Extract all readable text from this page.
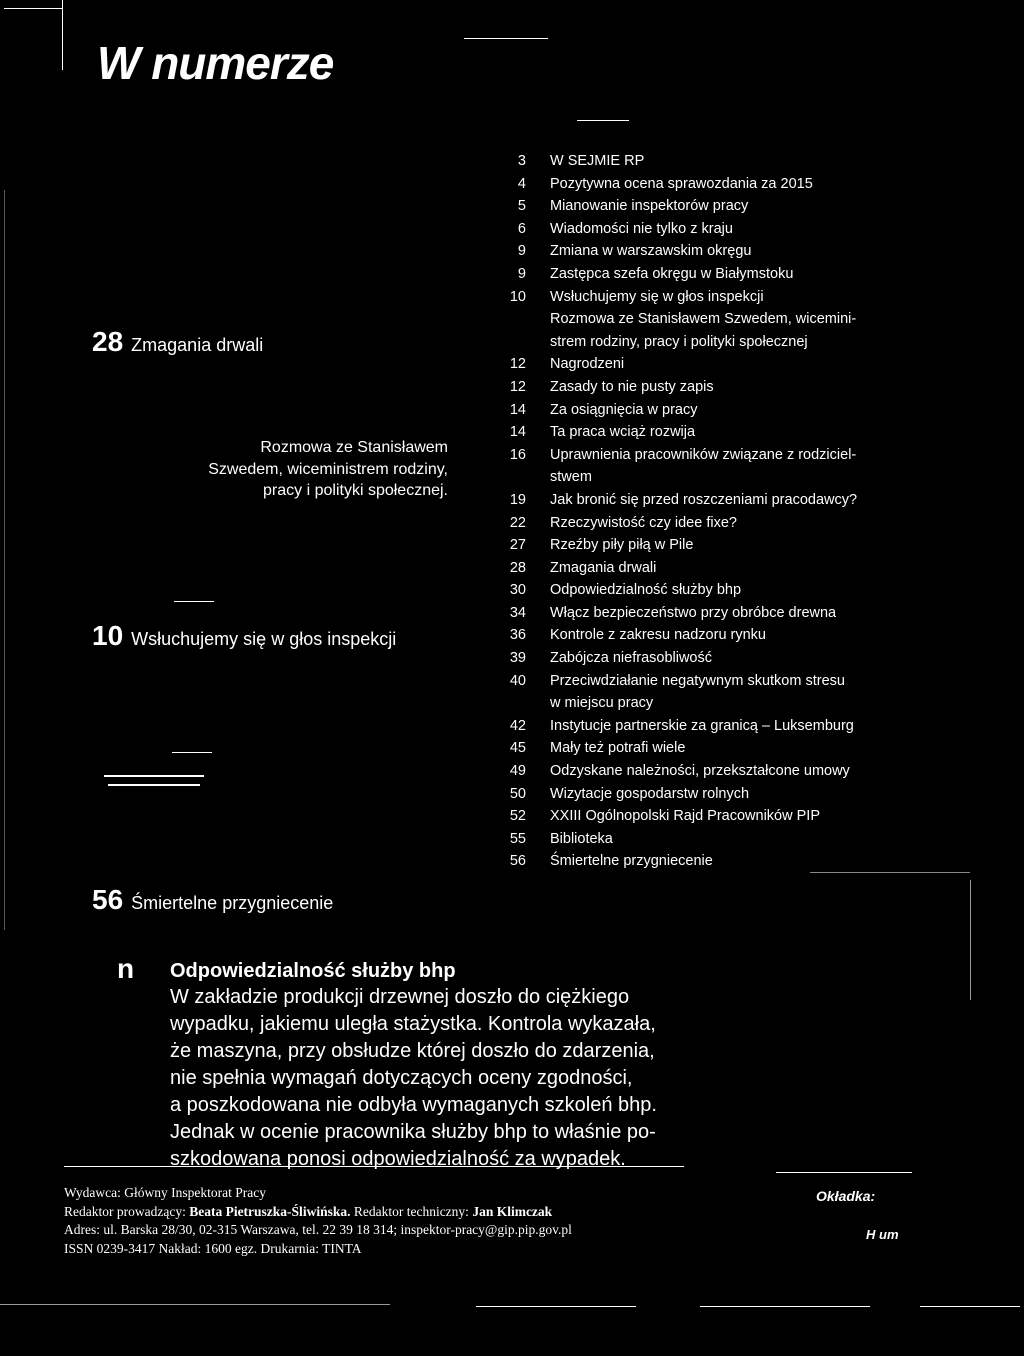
W numerze
28 Zmagania drwali
Rozmowa ze Stanisławem Szwedem, wiceministrem rodziny, pracy i polityki społecznej.
10 Wsłuchujemy się w głos inspekcji
56 Śmiertelne przygniecenie
3	W SEJMIE RP
4	Pozytywna ocena sprawozdania za 2015
5	Mianowanie inspektorów pracy
6	Wiadomości nie tylko z kraju
9	Zmiana w warszawskim okręgu
9	Zastępca szefa okręgu w Białymstoku
10	Wsłuchujemy się w głos inspekcji
Rozmowa ze Stanisławem Szwedem, wicemini-
strem rodziny, pracy i polityki społecznej
12	Nagrodzeni
12	Zasady to nie pusty zapis
14	Za osiągnięcia w pracy
14	Ta praca wciąż rozwija
16	Uprawnienia pracowników związane z rodziciel-
stwem
19	Jak bronić się przed roszczeniami pracodawcy?
22	Rzeczywistość czy idee fixe?
27	Rzeźby piły piłą w Pile
28	Zmagania drwali
30	Odpowiedzialność służby bhp
34	Włącz bezpieczeństwo przy obróbce drewna
36	Kontrole z zakresu nadzoru rynku
39	Zabójcza niefrasobliwość
40	Przeciwdziałanie negatywnym skutkom stresu
w miejscu pracy
42	Instytucje partnerskie za granicą – Luksemburg
45	Mały też potrafi wiele
49	Odzyskane należności, przekształcone umowy
50	Wizytacje gospodarstw rolnych
52	XXIII Ogólnopolski Rajd Pracowników PIP
55	Biblioteka
56	Śmiertelne przygniecenie
n	Odpowiedzialność służby bhp
W zakładzie produkcji drzewnej doszło do ciężkiego
wypadku, jakiemu uległa stażystka. Kontrola wykazała,
że maszyna, przy obsłudze której doszło do zdarzenia,
nie spełnia wymagań dotyczących oceny zgodności,
a poszkodowana nie odbyła wymaganych szkoleń bhp.
Jednak w ocenie pracownika służby bhp to właśnie po-
szkodowana ponosi odpowiedzialność za wypadek.
Wydawca: Główny Inspektorat Pracy
Redaktor prowadzący: Beata Pietruszka-Śliwińska. Redaktor techniczny: Jan Klimczak
Adres: ul. Barska 28/30, 02-315 Warszawa, tel. 22 39 18 314; inspektor-pracy@gip.pip.gov.pl
ISSN 0239-3417 Nakład: 1600 egz. Drukarnia: TINTA
Okładka:
H um
